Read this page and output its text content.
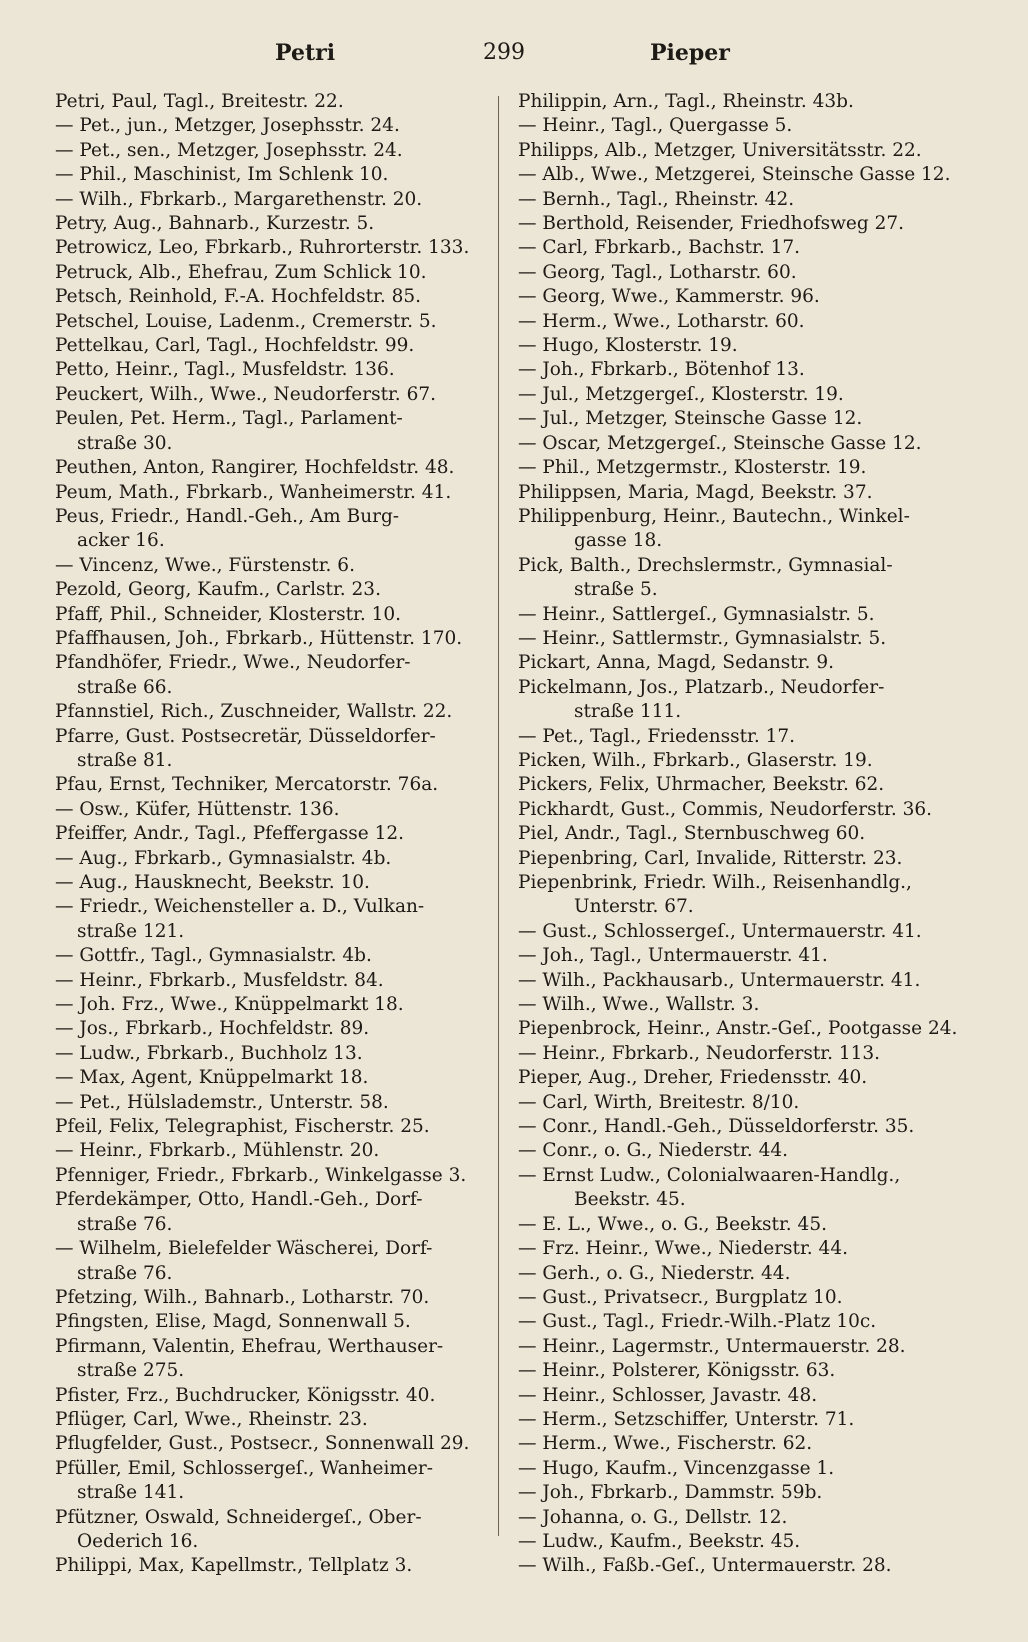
Petri	299	Pieper
Petri, Paul, Tagl., Breitestr. 22.
— Pet., jun., Metzger, Josephsstr. 24.
— Pet., sen., Metzger, Josephsstr. 24.
— Phil., Maschinist, Im Schlenk 10.
— Wilh., Fbrkarb., Margarethenstr. 20.
Petry, Aug., Bahnarb., Kurzestr. 5.
Petrowicz, Leo, Fbrkarb., Ruhrorterstr. 133.
Petruck, Alb., Ehefrau, Zum Schlick 10.
Petsch, Reinhold, F.-A. Hochfeldstr. 85.
Petschel, Louise, Ladenm., Cremerstr. 5.
Pettelkau, Carl, Tagl., Hochfeldstr. 99.
Petto, Heinr., Tagl., Musfeldstr. 136.
Peuckert, Wilh., Wwe., Neudorferstr. 67.
Peulen, Pet. Herm., Tagl., Parlament-
straße 30.
Peuthen, Anton, Rangirer, Hochfeldstr. 48.
Peum, Math., Fbrkarb., Wanheimerstr. 41.
Peus, Friedr., Handl.-Geh., Am Burg-
acker 16.
— Vincenz, Wwe., Fürstenstr. 6.
Pezold, Georg, Kaufm., Carlstr. 23.
Pfaff, Phil., Schneider, Klosterstr. 10.
Pfaffhausen, Joh., Fbrkarb., Hüttenstr. 170.
Pfandhöfer, Friedr., Wwe., Neudorfer-
straße 66.
Pfannstiel, Rich., Zuschneider, Wallstr. 22.
Pfarre, Gust. Postsecretär, Düsseldorfer-
straße 81.
Pfau, Ernst, Techniker, Mercatorstr. 76a.
— Osw., Küfer, Hüttenstr. 136.
Pfeiffer, Andr., Tagl., Pfeffergasse 12.
— Aug., Fbrkarb., Gymnasialstr. 4b.
— Aug., Hausknecht, Beekstr. 10.
— Friedr., Weichensteller a. D., Vulkan-
straße 121.
— Gottfr., Tagl., Gymnasialstr. 4b.
— Heinr., Fbrkarb., Musfeldstr. 84.
— Joh. Frz., Wwe., Knüppelmarkt 18.
— Jos., Fbrkarb., Hochfeldstr. 89.
— Ludw., Fbrkarb., Buchholz 13.
— Max, Agent, Knüppelmarkt 18.
— Pet., Hülsladem​str., Unterstr. 58.
Pfeil, Felix, Telegraphist, Fischerstr. 25.
— Heinr., Fbrkarb., Mühlenstr. 20.
Pfenniger, Friedr., Fbrkarb., Winkelgasse 3.
Pferdekämper, Otto, Handl.-Geh., Dorf-
straße 76.
— Wilhelm, Bielefelder Wäscherei, Dorf-
straße 76.
Pfetzing, Wilh., Bahnarb., Lotharstr. 70.
Pfingsten, Elise, Magd, Sonnenwall 5.
Pfirmann, Valentin, Ehefrau, Werthauser-
straße 275.
Pfister, Frz., Buchdrucker, Königsstr. 40.
Pflüger, Carl, Wwe., Rheinstr. 23.
Pflugfelder, Gust., Postsecr., Sonnenwall 29.
Pfüller, Emil, Schlossergeſ., Wanheimer-
straße 141.
Pfützner, Oswald, Schneidergeſ., Ober-
Oederich 16.
Philippi, Max, Kapellmstr., Tellplatz 3.
Philippin, Arn., Tagl., Rheinstr. 43b.
— Heinr., Tagl., Quergasse 5.
Philipps, Alb., Metzger, Universitätsstr. 22.
— Alb., Wwe., Metzgerei, Steinsche Gasse 12.
— Bernh., Tagl., Rheinstr. 42.
— Berthold, Reisender, Friedhofsweg 27.
— Carl, Fbrkarb., Bachstr. 17.
— Georg, Tagl., Lotharstr. 60.
— Georg, Wwe., Kammerstr. 96.
— Herm., Wwe., Lotharstr. 60.
— Hugo, Klosterstr. 19.
— Joh., Fbrkarb., Bötenhof 13.
— Jul., Metzgergeſ., Klosterstr. 19.
— Jul., Metzger, Steinsche Gasse 12.
— Oscar, Metzgergeſ., Steinsche Gasse 12.
— Phil., Metzgermstr., Klosterstr. 19.
Philippsen, Maria, Magd, Beekstr. 37.
Philippenburg, Heinr., Bautechn., Winkel-
gasse 18.
Pick, Balth., Drechslermstr., Gymnasial-
straße 5.
— Heinr., Sattlergeſ., Gymnasialstr. 5.
— Heinr., Sattlermstr., Gymnasialstr. 5.
Pickart, Anna, Magd, Sedanstr. 9.
Pickelmann, Jos., Platzarb., Neudorfer-
straße 111.
— Pet., Tagl., Friedensstr. 17.
Picken, Wilh., Fbrkarb., Glaserstr. 19.
Pickers, Felix, Uhrmacher, Beekstr. 62.
Pickhardt, Gust., Commis, Neudorferstr. 36.
Piel, Andr., Tagl., Sternbuschweg 60.
Piepenbring, Carl, Invalide, Ritterstr. 23.
Piepenbrink, Friedr. Wilh., Reisenhandlg.,
Unterstr. 67.
— Gust., Schlossergeſ., Untermauerstr. 41.
— Joh., Tagl., Untermauerstr. 41.
— Wilh., Packhausarb., Untermauerstr. 41.
— Wilh., Wwe., Wallstr. 3.
Piepenbrock, Heinr., Anstr.-Geſ., Pootgasse 24.
— Heinr., Fbrkarb., Neudorferstr. 113.
Pieper, Aug., Dreher, Friedensstr. 40.
— Carl, Wirth, Breitestr. 8/10.
— Conr., Handl.-Geh., Düsseldorferstr. 35.
— Conr., o. G., Niederstr. 44.
— Ernst Ludw., Colonialwaaren-Handlg.,
Beekstr. 45.
— E. L., Wwe., o. G., Beekstr. 45.
— Frz. Heinr., Wwe., Niederstr. 44.
— Gerh., o. G., Niederstr. 44.
— Gust., Privatsecr., Burgplatz 10.
— Gust., Tagl., Friedr.-Wilh.-Platz 10c.
— Heinr., Lagermstr., Untermauerstr. 28.
— Heinr., Polsterer, Königsstr. 63.
— Heinr., Schlosser, Javastr. 48.
— Herm., Setzschiffer, Unterstr. 71.
— Herm., Wwe., Fischerstr. 62.
— Hugo, Kaufm., Vincenzgasse 1.
— Joh., Fbrkarb., Dammstr. 59b.
— Johanna, o. G., Dellstr. 12.
— Ludw., Kaufm., Beekstr. 45.
— Wilh., Faßb.-Geſ., Untermauerstr. 28.
